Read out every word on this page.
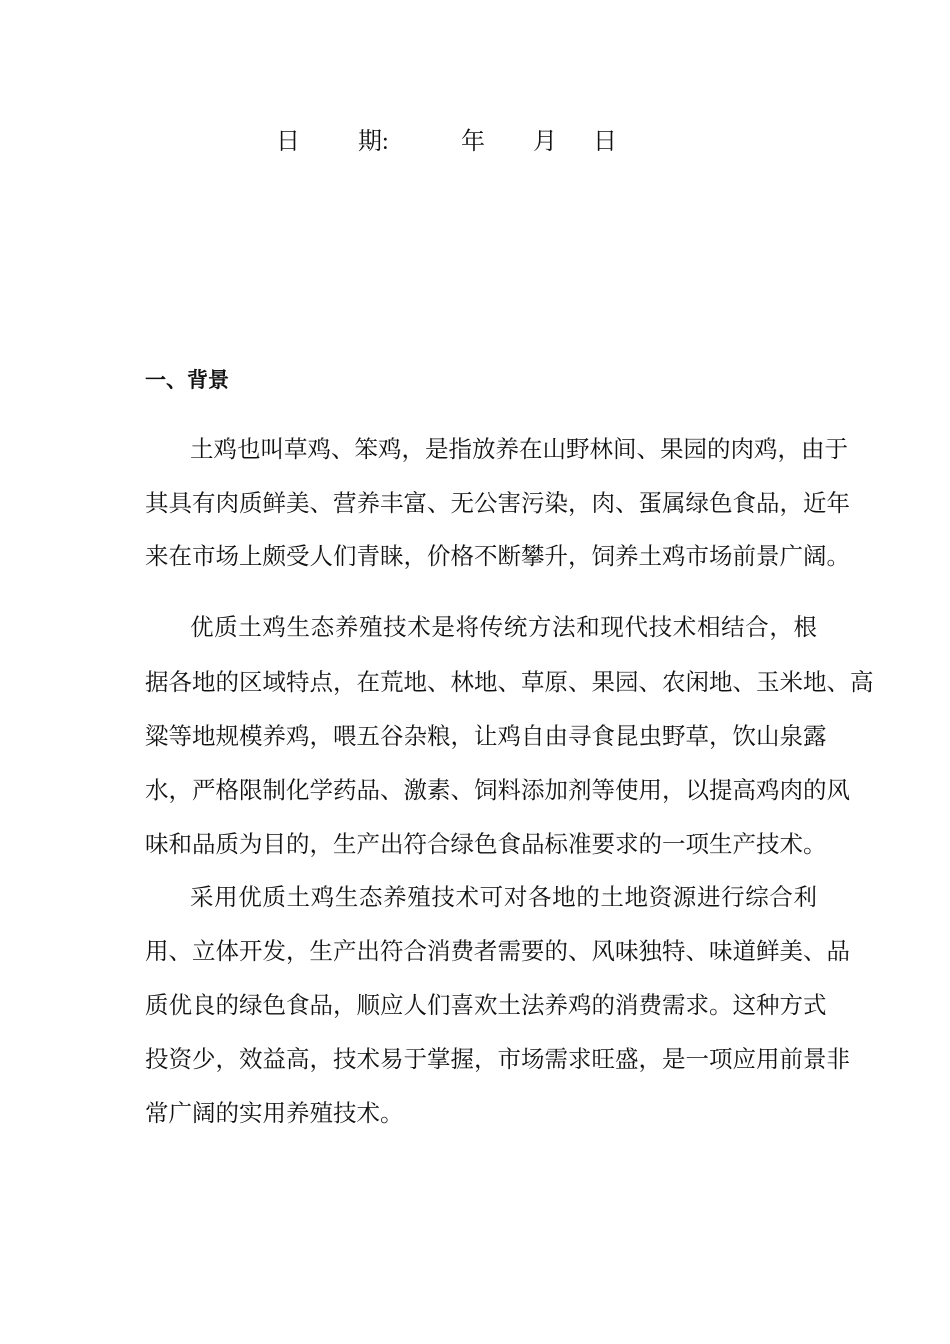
日 期:	年 月 日
一、背景
土鸡也叫草鸡、笨鸡，是指放养在山野林间、果园的肉鸡，由于
其具有肉质鲜美、营养丰富、无公害污染，肉、蛋属绿色食品，近年
来在市场上颇受人们青睐，价格不断攀升，饲养土鸡市场前景广阔。
优质土鸡生态养殖技术是将传统方法和现代技术相结合，根
据各地的区域特点，在荒地、林地、草原、果园、农闲地、玉米地、高
粱等地规模养鸡，喂五谷杂粮，让鸡自由寻食昆虫野草，饮山泉露
水，严格限制化学药品、激素、饲料添加剂等使用，以提高鸡肉的风
味和品质为目的，生产出符合绿色食品标准要求的一项生产技术。
采用优质土鸡生态养殖技术可对各地的土地资源进行综合利
用、立体开发，生产出符合消费者需要的、风味独特、味道鲜美、品
质优良的绿色食品，顺应人们喜欢土法养鸡的消费需求。这种方式
投资少，效益高，技术易于掌握，市场需求旺盛，是一项应用前景非
常广阔的实用养殖技术。
